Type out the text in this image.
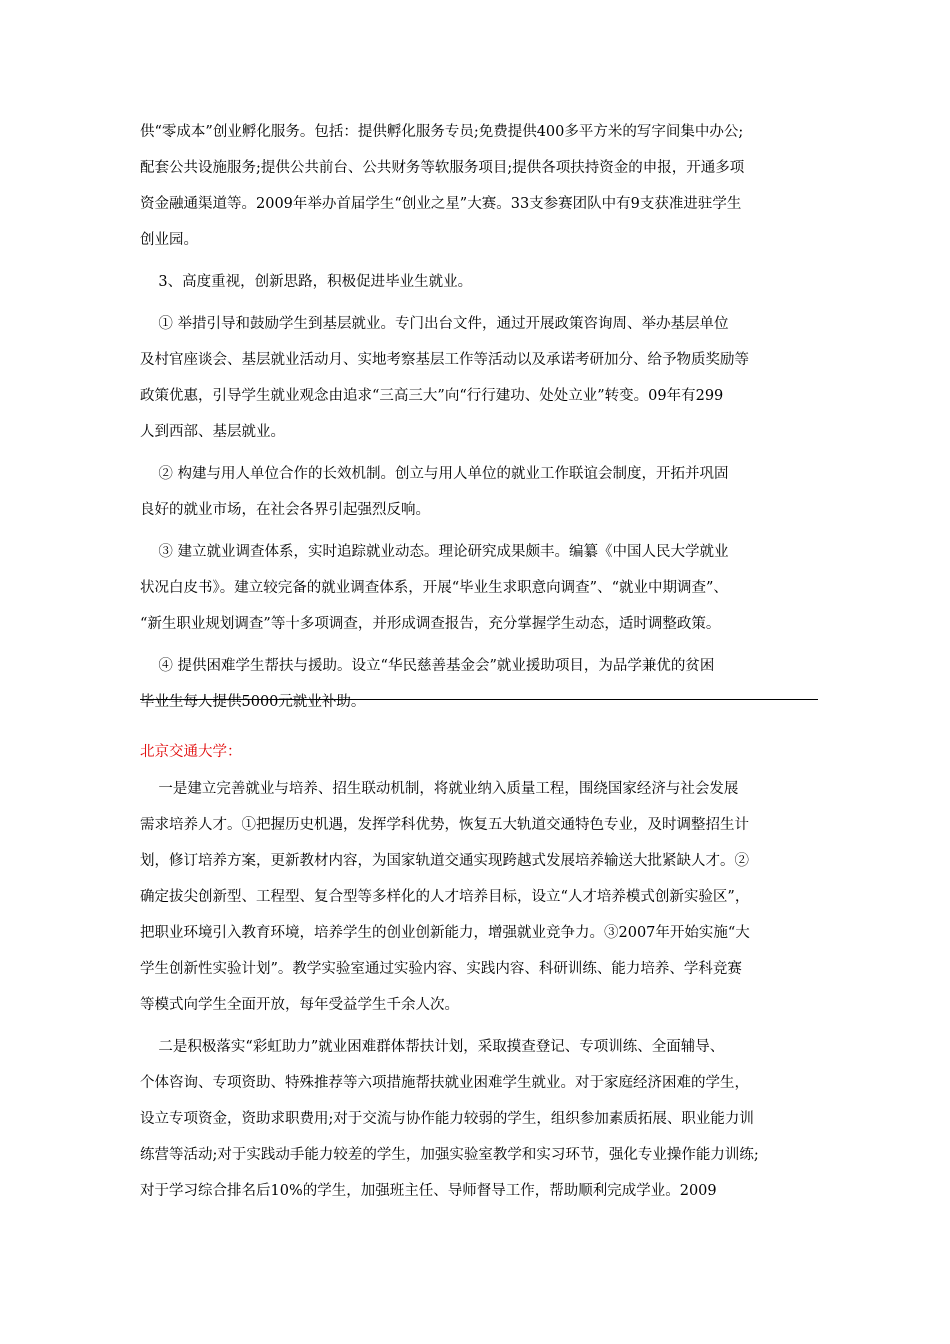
供“零成本”创业孵化服务。包括：提供孵化服务专员;免费提供400多平方米的写字间集中办公;
配套公共设施服务;提供公共前台、公共财务等软服务项目;提供各项扶持资金的申报，开通多项
资金融通渠道等。2009年举办首届学生“创业之星”大赛。33支参赛团队中有9支获准进驻学生
创业园。
3、高度重视，创新思路，积极促进毕业生就业。
① 举措引导和鼓励学生到基层就业。专门出台文件，通过开展政策咨询周、举办基层单位
及村官座谈会、基层就业活动月、实地考察基层工作等活动以及承诺考研加分、给予物质奖励等
政策优惠，引导学生就业观念由追求“三高三大”向“行行建功、处处立业”转变。09年有299
人到西部、基层就业。
② 构建与用人单位合作的长效机制。创立与用人单位的就业工作联谊会制度，开拓并巩固
良好的就业市场，在社会各界引起强烈反响。
③ 建立就业调查体系，实时追踪就业动态。理论研究成果颇丰。编纂《中国人民大学就业
状况白皮书》。建立较完备的就业调查体系，开展“毕业生求职意向调查”、“就业中期调查”、
“新生职业规划调查”等十多项调查，并形成调查报告，充分掌握学生动态，适时调整政策。
④ 提供困难学生帮扶与援助。设立“华民慈善基金会”就业援助项目，为品学兼优的贫困
毕业生每人提供5000元就业补助。
北京交通大学：
一是建立完善就业与培养、招生联动机制，将就业纳入质量工程，围绕国家经济与社会发展
需求培养人才。①把握历史机遇，发挥学科优势，恢复五大轨道交通特色专业，及时调整招生计
划，修订培养方案，更新教材内容，为国家轨道交通实现跨越式发展培养输送大批紧缺人才。②
确定拔尖创新型、工程型、复合型等多样化的人才培养目标，设立“人才培养模式创新实验区”，
把职业环境引入教育环境，培养学生的创业创新能力，增强就业竞争力。③2007年开始实施“大
学生创新性实验计划”。教学实验室通过实验内容、实践内容、科研训练、能力培养、学科竞赛
等模式向学生全面开放，每年受益学生千余人次。
二是积极落实“彩虹助力”就业困难群体帮扶计划，采取摸查登记、专项训练、全面辅导、
个体咨询、专项资助、特殊推荐等六项措施帮扶就业困难学生就业。对于家庭经济困难的学生，
设立专项资金，资助求职费用;对于交流与协作能力较弱的学生，组织参加素质拓展、职业能力训
练营等活动;对于实践动手能力较差的学生，加强实验室教学和实习环节，强化专业操作能力训练;
对于学习综合排名后10%的学生，加强班主任、导师督导工作，帮助顺利完成学业。2009
